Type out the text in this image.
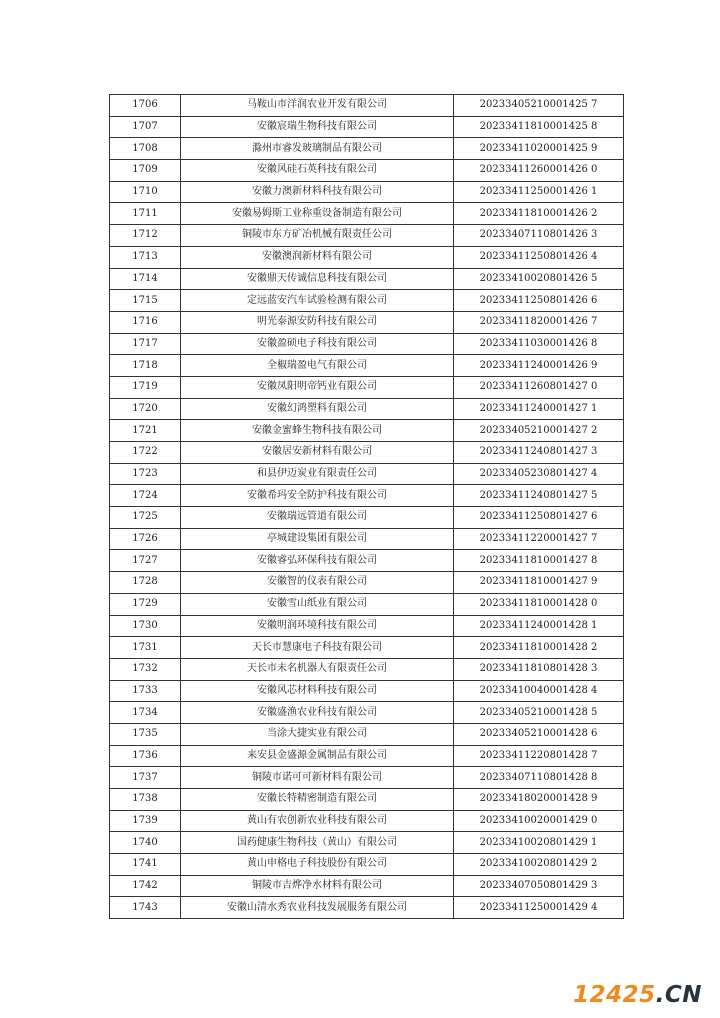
1706	马鞍山市洋润农业开发有限公司	20233405210001425 7
1707	安徽宸瑞生物科技有限公司	20233411810001425 8
1708	滁州市睿发玻璃制品有限公司	20233411020001425 9
1709	安徽风硅石英科技有限公司	20233411260001426 0
1710	安徽力澳新材料科技有限公司	20233411250001426 1
1711	安徽易姆斯工业称重设备制造有限公司	20233411810001426 2
1712	铜陵市东方矿冶机械有限责任公司	20233407110801426 3
1713	安徽澳润新材料有限公司	20233411250801426 4
1714	安徽鼎天传诚信息科技有限公司	20233410020801426 5
1715	定远蓝安汽车试验检测有限公司	20233411250801426 6
1716	明光泰源安防科技有限公司	20233411820001426 7
1717	安徽盈硕电子科技有限公司	20233411030001426 8
1718	全椒瑞盈电气有限公司	20233411240001426 9
1719	安徽凤阳明帝钙业有限公司	20233411260801427 0
1720	安徽幻鸿塑料有限公司	20233411240001427 1
1721	安徽金蜜蜂生物科技有限公司	20233405210001427 2
1722	安徽居安新材料有限公司	20233411240801427 3
1723	和县伊迈炭业有限责任公司	20233405230801427 4
1724	安徽希玛安全防护科技有限公司	20233411240801427 5
1725	安徽瑞远管道有限公司	20233411250801427 6
1726	亭城建设集团有限公司	20233411220001427 7
1727	安徽睿弘环保科技有限公司	20233411810001427 8
1728	安徽智的仪表有限公司	20233411810001427 9
1729	安徽雪山纸业有限公司	20233411810001428 0
1730	安徽明润环境科技有限公司	20233411240001428 1
1731	天长市慧康电子科技有限公司	20233411810001428 2
1732	天长市未名机器人有限责任公司	20233411810801428 3
1733	安徽风芯材料科技有限公司	20233410040001428 4
1734	安徽盛渔农业科技有限公司	20233405210001428 5
1735	当涂大捷实业有限公司	20233405210001428 6
1736	来安县金盛源金属制品有限公司	20233411220801428 7
1737	铜陵市诺可可新材料有限公司	20233407110801428 8
1738	安徽长特精密制造有限公司	20233418020001428 9
1739	黄山有农创新农业科技有限公司	20233410020001429 0
1740	国药健康生物科技（黄山）有限公司	20233410020801429 1
1741	黄山申格电子科技股份有限公司	20233410020801429 2
1742	铜陵市吉烨净水材料有限公司	20233407050801429 3
1743	安徽山清水秀农业科技发展服务有限公司	20233411250001429 4
12425.CN
